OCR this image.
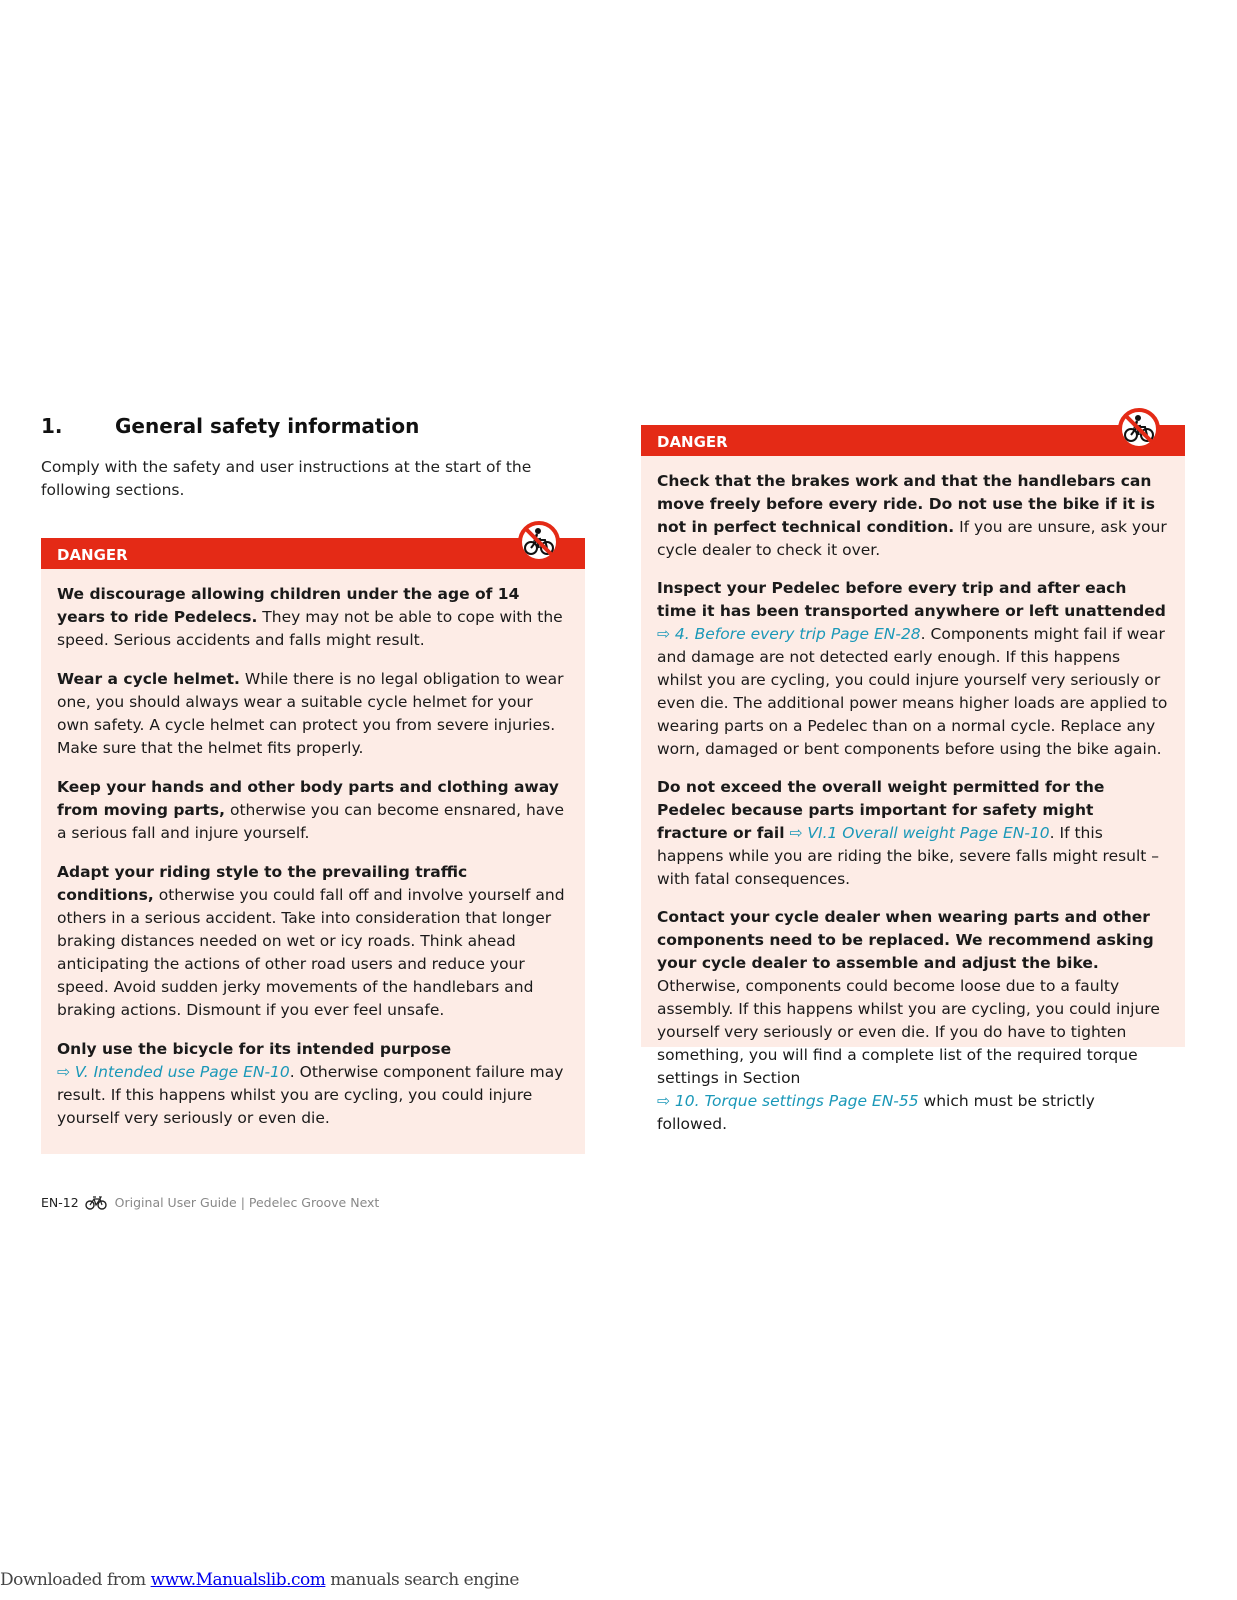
1.	General safety information

Comply with the safety and user instructions at the start of the following sections.

DANGER

We discourage allowing children under the age of 14 years to ride Pedelecs. They may not be able to cope with the speed. Serious accidents and falls might result.

Wear a cycle helmet. While there is no legal obligation to wear one, you should always wear a suitable cycle helmet for your own safety. A cycle helmet can protect you from severe injuries. Make sure that the helmet fits properly.

Keep your hands and other body parts and clothing away from moving parts, otherwise you can become ensnared, have a serious fall and injure yourself.

Adapt your riding style to the prevailing traffic conditions, otherwise you could fall off and involve yourself and others in a serious accident. Take into consideration that longer braking distances needed on wet or icy roads. Think ahead anticipating the actions of other road users and reduce your speed. Avoid sudden jerky movements of the handlebars and braking actions. Dismount if you ever feel unsafe.

Only use the bicycle for its intended purpose
⇨ V. Intended use Page EN-10. Otherwise component failure may result. If this happens whilst you are cycling, you could injure yourself very seriously or even die.

DANGER

Check that the brakes work and that the handlebars can move freely before every ride. Do not use the bike if it is not in perfect technical condition. If you are unsure, ask your cycle dealer to check it over.

Inspect your Pedelec before every trip and after each time it has been transported anywhere or left unattended ⇨ 4. Before every trip Page EN-28. Components might fail if wear and damage are not detected early enough. If this happens whilst you are cycling, you could injure yourself very seriously or even die. The additional power means higher loads are applied to wearing parts on a Pedelec than on a normal cycle. Replace any worn, damaged or bent components before using the bike again.

Do not exceed the overall weight permitted for the Pedelec because parts important for safety might fracture or fail ⇨ VI.1 Overall weight Page EN-10. If this happens while you are riding the bike, severe falls might result – with fatal consequences.

Contact your cycle dealer when wearing parts and other components need to be replaced. We recommend asking your cycle dealer to assemble and adjust the bike.
Otherwise, components could become loose due to a faulty assembly. If this happens whilst you are cycling, you could injure yourself very seriously or even die. If you do have to tighten something, you will find a complete list of the required torque settings in Section
⇨ 10. Torque settings Page EN-55 which must be strictly followed.

EN-12	Original User Guide | Pedelec Groove Next
Downloaded from www.Manualslib.com manuals search engine
